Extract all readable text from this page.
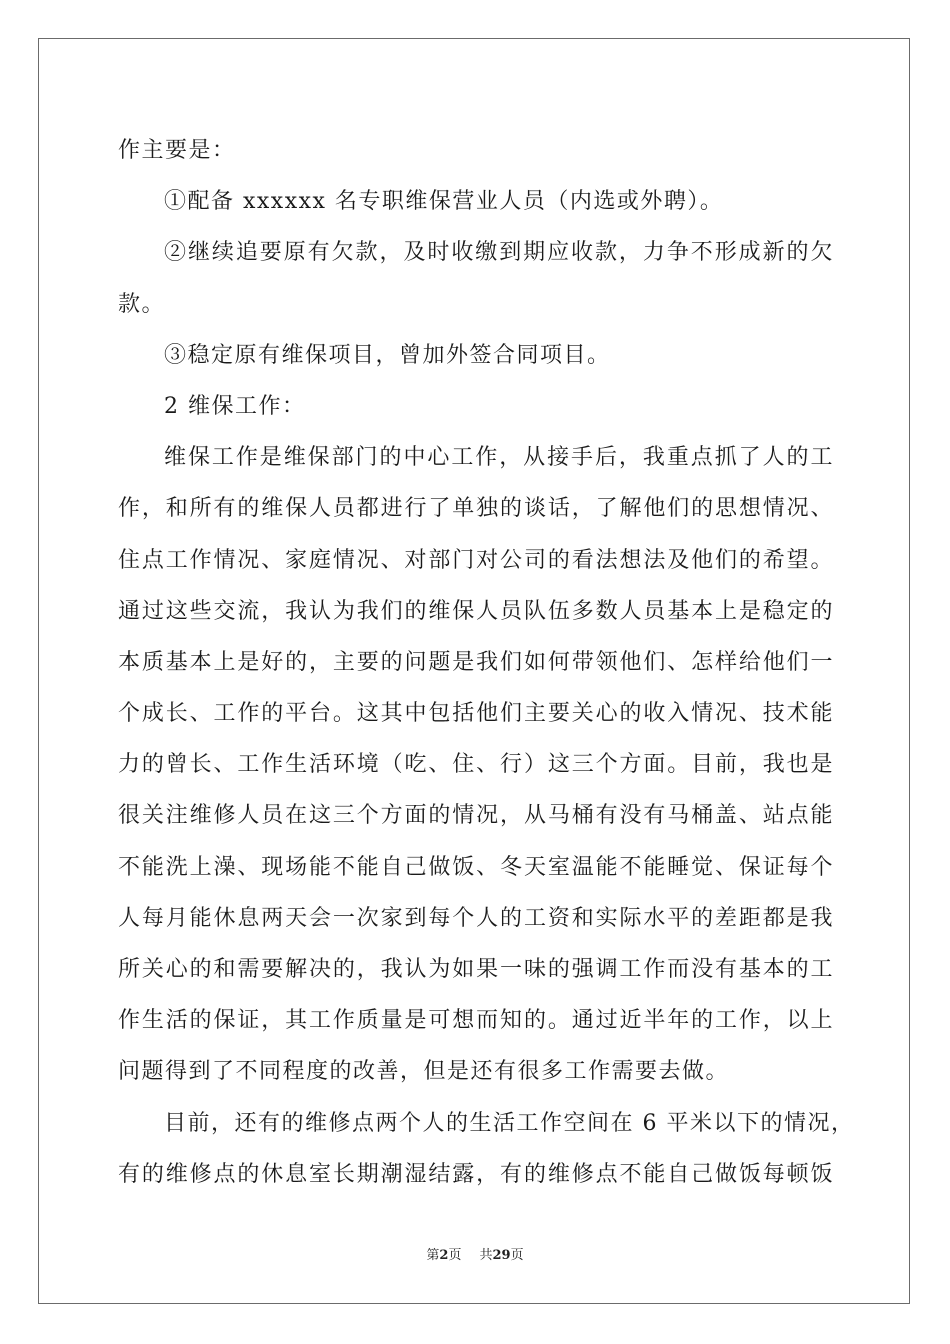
作主要是：
①配备 xxxxxx 名专职维保营业人员（内选或外聘）。
②继续追要原有欠款，及时收缴到期应收款，力争不形成新的欠
款。
③稳定原有维保项目，曾加外签合同项目。
2 维保工作：
维保工作是维保部门的中心工作，从接手后，我重点抓了人的工
作，和所有的维保人员都进行了单独的谈话，了解他们的思想情况、
住点工作情况、家庭情况、对部门对公司的看法想法及他们的希望。
通过这些交流，我认为我们的维保人员队伍多数人员基本上是稳定的
本质基本上是好的，主要的问题是我们如何带领他们、怎样给他们一
个成长、工作的平台。这其中包括他们主要关心的收入情况、技术能
力的曾长、工作生活环境（吃、住、行）这三个方面。目前，我也是
很关注维修人员在这三个方面的情况，从马桶有没有马桶盖、站点能
不能洗上澡、现场能不能自己做饭、冬天室温能不能睡觉、保证每个
人每月能休息两天会一次家到每个人的工资和实际水平的差距都是我
所关心的和需要解决的，我认为如果一味的强调工作而没有基本的工
作生活的保证，其工作质量是可想而知的。通过近半年的工作，以上
问题得到了不同程度的改善，但是还有很多工作需要去做。
目前，还有的维修点两个人的生活工作空间在 6 平米以下的情况，
有的维修点的休息室长期潮湿结露，有的维修点不能自己做饭每顿饭
第2页 共29页
